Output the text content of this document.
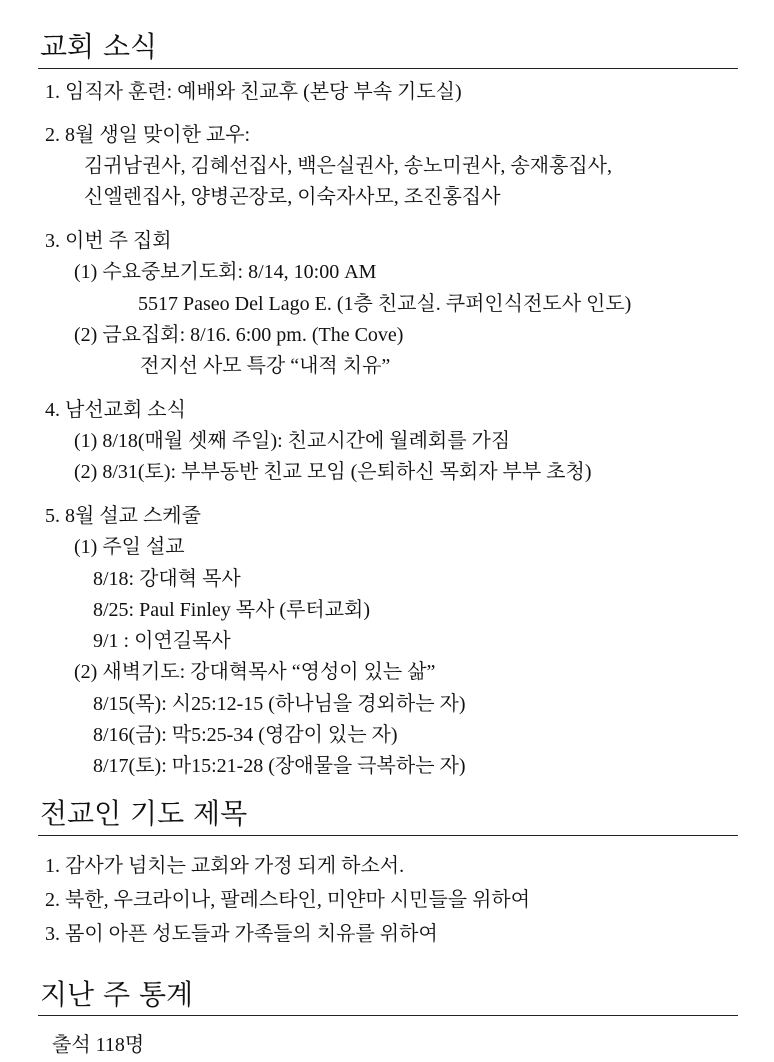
교회 소식
1. 임직자 훈련: 예배와 친교후 (본당 부속 기도실)
2. 8월 생일 맞이한 교우:
김귀남권사, 김혜선집사, 백은실권사, 송노미권사, 송재홍집사,
신엘렌집사, 양병곤장로, 이숙자사모, 조진홍집사
3. 이번 주 집회
(1) 수요중보기도회: 8/14, 10:00 AM
5517 Paseo Del Lago E. (1층 친교실. 쿠퍼인식전도사 인도)
(2) 금요집회: 8/16. 6:00 pm. (The Cove)
전지선 사모 특강 “내적 치유”
4. 남선교회 소식
(1) 8/18(매월 셋째 주일): 친교시간에 월례회를 가짐
(2) 8/31(토): 부부동반 친교 모임 (은퇴하신 목회자 부부 초청)
5. 8월 설교 스케줄
(1) 주일 설교
8/18: 강대혁 목사
8/25: Paul Finley 목사 (루터교회)
9/1 : 이연길목사
(2) 새벽기도: 강대혁목사 “영성이 있는 삶”
8/15(목): 시25:12-15 (하나님을 경외하는 자)
8/16(금): 막5:25-34 (영감이 있는 자)
8/17(토): 마15:21-28 (장애물을 극복하는 자)
전교인 기도 제목
1. 감사가 넘치는 교회와 가정 되게 하소서.
2. 북한, 우크라이나, 팔레스타인, 미얀마 시민들을 위하여
3. 몸이 아픈 성도들과 가족들의 치유를 위하여
지난 주 통계
출석 118명
